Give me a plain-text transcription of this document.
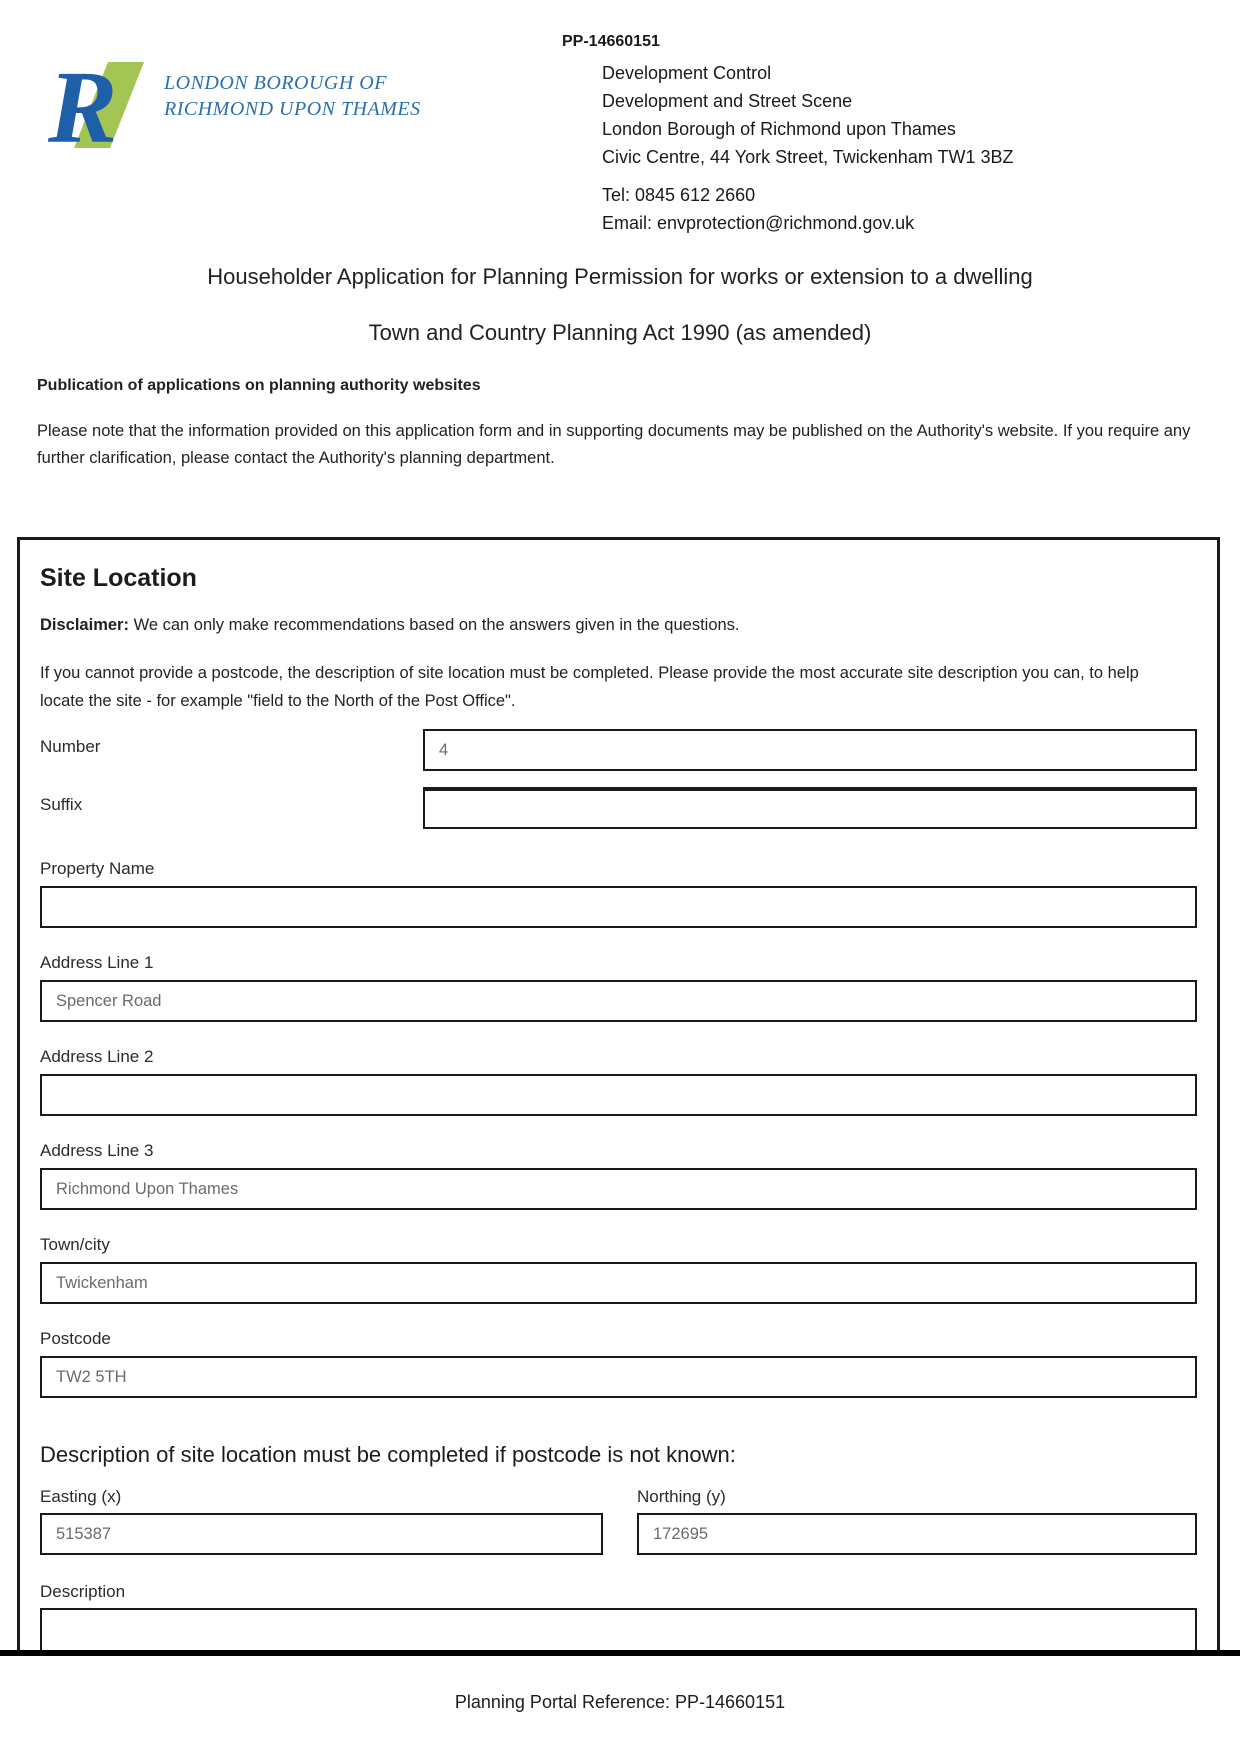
R LONDON BOROUGH OF
RICHMOND UPON THAMES
PP-14660151
Development Control
Development and Street Scene
London Borough of Richmond upon Thames
Civic Centre, 44 York Street, Twickenham TW1 3BZ
Tel: 0845 612 2660
Email: envprotection@richmond.gov.uk
Householder Application for Planning Permission for works or extension to a dwelling
Town and Country Planning Act 1990 (as amended)
Publication of applications on planning authority websites
Please note that the information provided on this application form and in supporting documents may be published on the Authority's website. If you require any further clarification, please contact the Authority's planning department.
Site Location
Disclaimer: We can only make recommendations based on the answers given in the questions.
If you cannot provide a postcode, the description of site location must be completed. Please provide the most accurate site description you can, to help locate the site - for example "field to the North of the Post Office".
Number
4
Suffix
Property Name
Address Line 1
Spencer Road
Address Line 2
Address Line 3
Richmond Upon Thames
Town/city
Twickenham
Postcode
TW2 5TH
Description of site location must be completed if postcode is not known:
Easting (x)
515387	Northing (y)
172695
Description
Planning Portal Reference: PP-14660151
